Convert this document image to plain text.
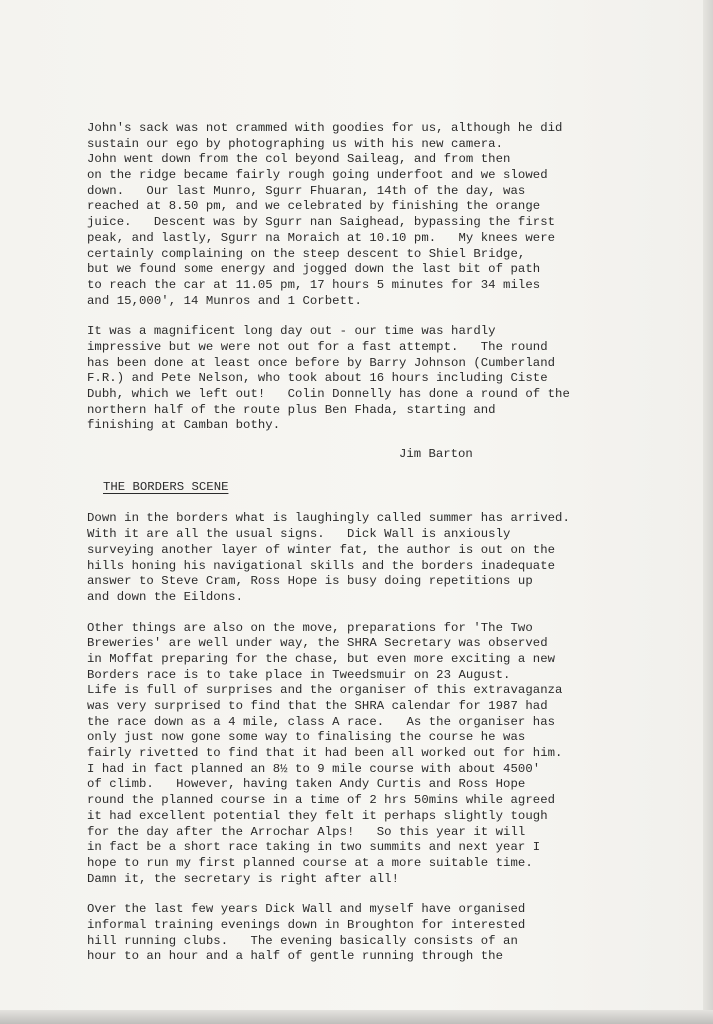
John's sack was not crammed with goodies for us, although he did
sustain our ego by photographing us with his new camera.
John went down from the col beyond Saileag, and from then
on the ridge became fairly rough going underfoot and we slowed
down.   Our last Munro, Sgurr Fhuaran, 14th of the day, was
reached at 8.50 pm, and we celebrated by finishing the orange
juice.   Descent was by Sgurr nan Saighead, bypassing the first
peak, and lastly, Sgurr na Moraich at 10.10 pm.   My knees were
certainly complaining on the steep descent to Shiel Bridge,
but we found some energy and jogged down the last bit of path
to reach the car at 11.05 pm, 17 hours 5 minutes for 34 miles
and 15,000', 14 Munros and 1 Corbett.
It was a magnificent long day out - our time was hardly
impressive but we were not out for a fast attempt.   The round
has been done at least once before by Barry Johnson (Cumberland
F.R.) and Pete Nelson, who took about 16 hours including Ciste
Dubh, which we left out!   Colin Donnelly has done a round of the
northern half of the route plus Ben Fhada, starting and
finishing at Camban bothy.
Jim Barton
THE BORDERS SCENE
Down in the borders what is laughingly called summer has arrived.
With it are all the usual signs.   Dick Wall is anxiously
surveying another layer of winter fat, the author is out on the
hills honing his navigational skills and the borders inadequate
answer to Steve Cram, Ross Hope is busy doing repetitions up
and down the Eildons.
Other things are also on the move, preparations for 'The Two
Breweries' are well under way, the SHRA Secretary was observed
in Moffat preparing for the chase, but even more exciting a new
Borders race is to take place in Tweedsmuir on 23 August.
Life is full of surprises and the organiser of this extravaganza
was very surprised to find that the SHRA calendar for 1987 had
the race down as a 4 mile, class A race.   As the organiser has
only just now gone some way to finalising the course he was
fairly rivetted to find that it had been all worked out for him.
I had in fact planned an 8½ to 9 mile course with about 4500'
of climb.   However, having taken Andy Curtis and Ross Hope
round the planned course in a time of 2 hrs 50mins while agreed
it had excellent potential they felt it perhaps slightly tough
for the day after the Arrochar Alps!   So this year it will
in fact be a short race taking in two summits and next year I
hope to run my first planned course at a more suitable time.
Damn it, the secretary is right after all!
Over the last few years Dick Wall and myself have organised
informal training evenings down in Broughton for interested
hill running clubs.   The evening basically consists of an
hour to an hour and a half of gentle running through the
